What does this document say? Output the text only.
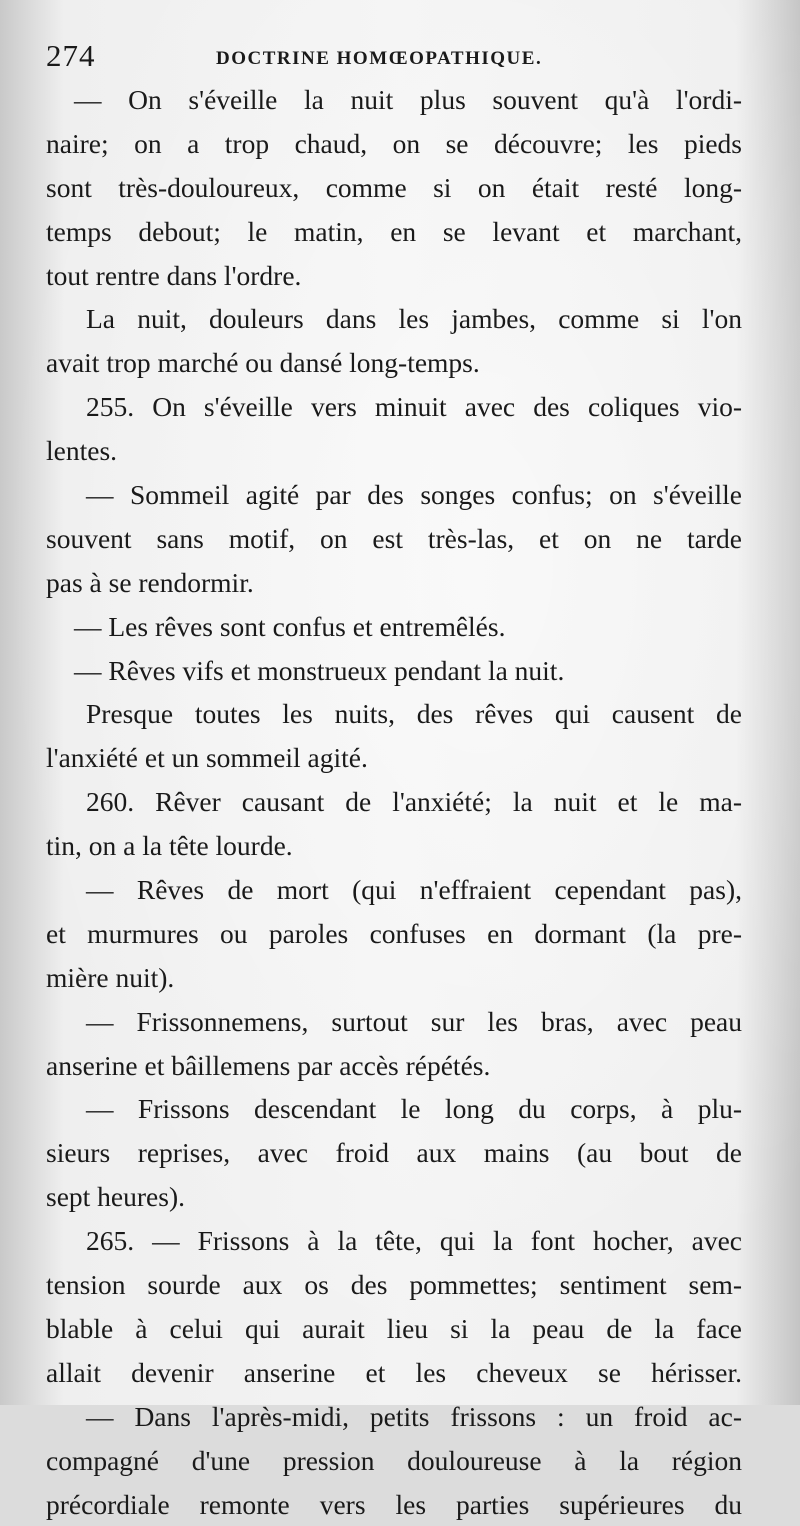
274	DOCTRINE HOMŒOPATHIQUE.
— On s'éveille la nuit plus souvent qu'à l'ordi-
naire; on a trop chaud, on se découvre; les pieds
sont très-douloureux, comme si on était resté long-
temps debout; le matin, en se levant et marchant,
tout rentre dans l'ordre.
La nuit, douleurs dans les jambes, comme si l'on
avait trop marché ou dansé long-temps.
255. On s'éveille vers minuit avec des coliques vio-
lentes.
— Sommeil agité par des songes confus; on s'éveille
souvent sans motif, on est très-las, et on ne tarde
pas à se rendormir.
— Les rêves sont confus et entremêlés.
— Rêves vifs et monstrueux pendant la nuit.
Presque toutes les nuits, des rêves qui causent de
l'anxiété et un sommeil agité.
260. Rêver causant de l'anxiété; la nuit et le ma-
tin, on a la tête lourde.
— Rêves de mort (qui n'effraient cependant pas),
et murmures ou paroles confuses en dormant (la pre-
mière nuit).
— Frissonnemens, surtout sur les bras, avec peau
anserine et bâillemens par accès répétés.
— Frissons descendant le long du corps, à plu-
sieurs reprises, avec froid aux mains (au bout de
sept heures).
265. — Frissons à la tête, qui la font hocher, avec
tension sourde aux os des pommettes; sentiment sem-
blable à celui qui aurait lieu si la peau de la face
allait devenir anserine et les cheveux se hérisser.
— Dans l'après-midi, petits frissons : un froid ac-
compagné d'une pression douloureuse à la région
précordiale remonte vers les parties supérieures du
